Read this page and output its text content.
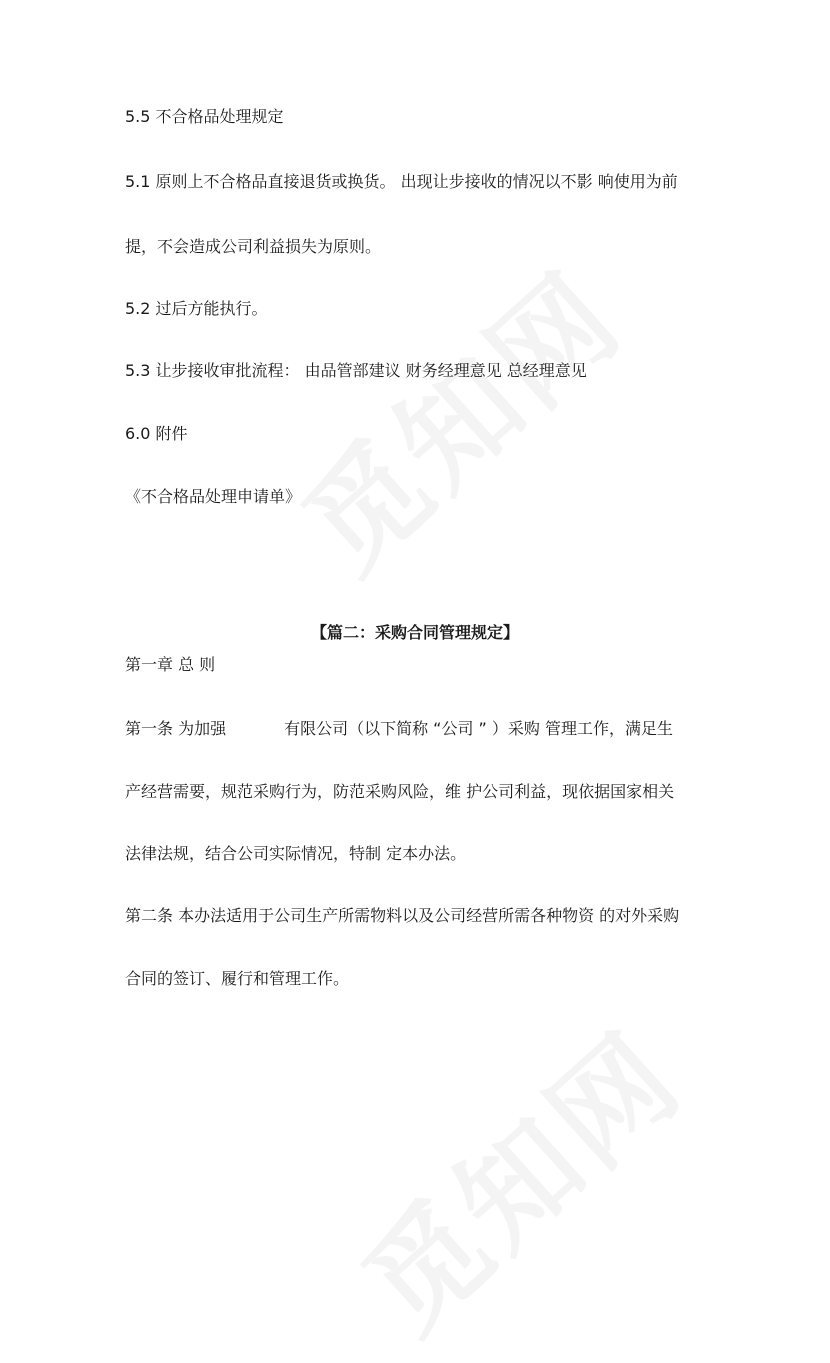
5.5 不合格品处理规定

5.1 原则上不合格品直接退货或换货。 出现让步接收的情况以不影 响使用为前

提，不会造成公司利益损失为原则。

5.2 过后方能执行。

5.3 让步接收审批流程： 由品管部建议 财务经理意见 总经理意见

6.0 附件

《不合格品处理申请单》

【篇二：采购合同管理规定】

第一章 总 则

第一条 为加强	有限公司（以下简称 “公司 ” ）采购 管理工作，满足生

产经营需要，规范采购行为，防范采购风险，维 护公司利益，现依据国家相关

法律法规，结合公司实际情况，特制 定本办法。

第二条 本办法适用于公司生产所需物料以及公司经营所需各种物资 的对外采购

合同的签订、履行和管理工作。
